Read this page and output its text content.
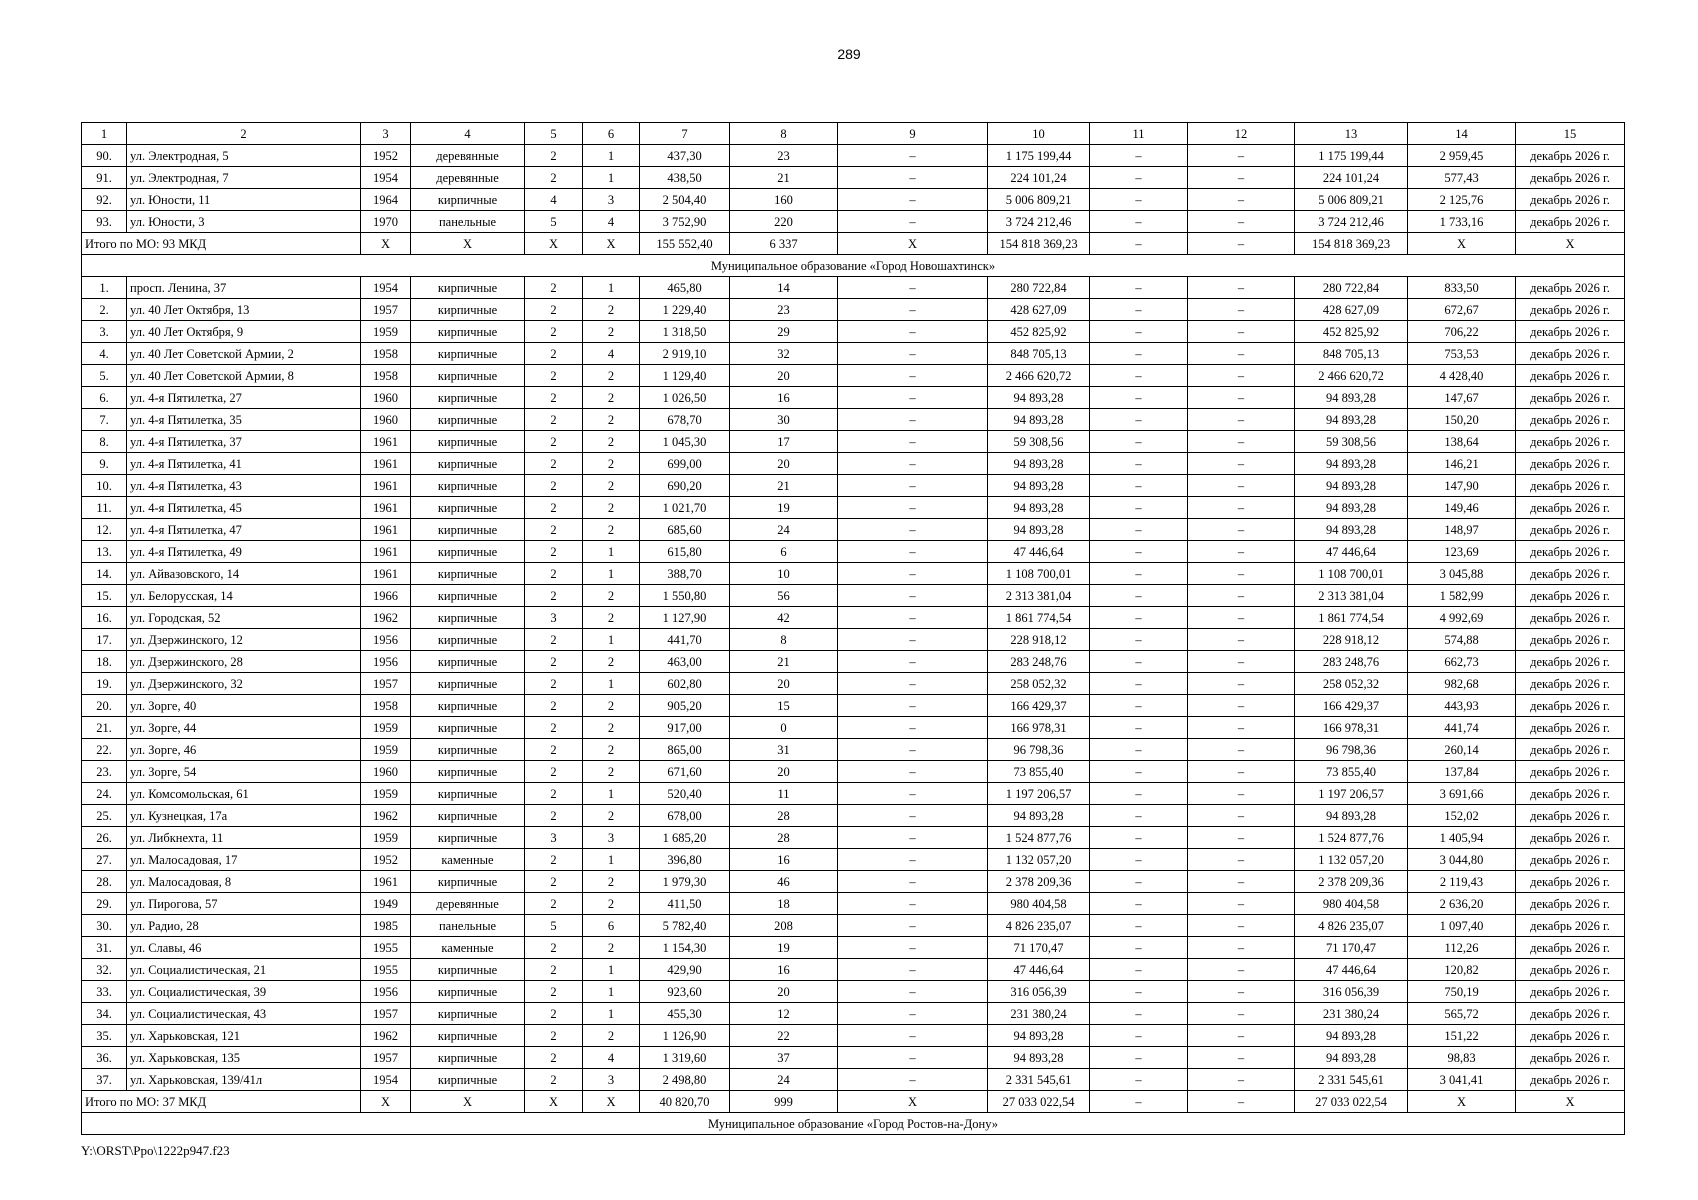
289
1	2	3	4	5	6	7	8	9	10	11	12	13	14	15
90.	ул. Электродная, 5	1952	деревянные	2	1	437,30	23	–	1 175 199,44	–	–	1 175 199,44	2 959,45	декабрь 2026 г.
91.	ул. Электродная, 7	1954	деревянные	2	1	438,50	21	–	224 101,24	–	–	224 101,24	577,43	декабрь 2026 г.
92.	ул. Юности, 11	1964	кирпичные	4	3	2 504,40	160	–	5 006 809,21	–	–	5 006 809,21	2 125,76	декабрь 2026 г.
93.	ул. Юности, 3	1970	панельные	5	4	3 752,90	220	–	3 724 212,46	–	–	3 724 212,46	1 733,16	декабрь 2026 г.
Итого по МО: 93 МКД		X	X	X	X	155 552,40	6 337	X	154 818 369,23	–	–	154 818 369,23	X	X
Муниципальное образование «Город Новошахтинск»														
1.	просп. Ленина, 37	1954	кирпичные	2	1	465,80	14	–	280 722,84	–	–	280 722,84	833,50	декабрь 2026 г.
2.	ул. 40 Лет Октября, 13	1957	кирпичные	2	2	1 229,40	23	–	428 627,09	–	–	428 627,09	672,67	декабрь 2026 г.
3.	ул. 40 Лет Октября, 9	1959	кирпичные	2	2	1 318,50	29	–	452 825,92	–	–	452 825,92	706,22	декабрь 2026 г.
4.	ул. 40 Лет Советской Армии, 2	1958	кирпичные	2	4	2 919,10	32	–	848 705,13	–	–	848 705,13	753,53	декабрь 2026 г.
5.	ул. 40 Лет Советской Армии, 8	1958	кирпичные	2	2	1 129,40	20	–	2 466 620,72	–	–	2 466 620,72	4 428,40	декабрь 2026 г.
6.	ул. 4-я Пятилетка, 27	1960	кирпичные	2	2	1 026,50	16	–	94 893,28	–	–	94 893,28	147,67	декабрь 2026 г.
7.	ул. 4-я Пятилетка, 35	1960	кирпичные	2	2	678,70	30	–	94 893,28	–	–	94 893,28	150,20	декабрь 2026 г.
8.	ул. 4-я Пятилетка, 37	1961	кирпичные	2	2	1 045,30	17	–	59 308,56	–	–	59 308,56	138,64	декабрь 2026 г.
9.	ул. 4-я Пятилетка, 41	1961	кирпичные	2	2	699,00	20	–	94 893,28	–	–	94 893,28	146,21	декабрь 2026 г.
10.	ул. 4-я Пятилетка, 43	1961	кирпичные	2	2	690,20	21	–	94 893,28	–	–	94 893,28	147,90	декабрь 2026 г.
11.	ул. 4-я Пятилетка, 45	1961	кирпичные	2	2	1 021,70	19	–	94 893,28	–	–	94 893,28	149,46	декабрь 2026 г.
12.	ул. 4-я Пятилетка, 47	1961	кирпичные	2	2	685,60	24	–	94 893,28	–	–	94 893,28	148,97	декабрь 2026 г.
13.	ул. 4-я Пятилетка, 49	1961	кирпичные	2	1	615,80	6	–	47 446,64	–	–	47 446,64	123,69	декабрь 2026 г.
14.	ул. Айвазовского, 14	1961	кирпичные	2	1	388,70	10	–	1 108 700,01	–	–	1 108 700,01	3 045,88	декабрь 2026 г.
15.	ул. Белорусская, 14	1966	кирпичные	2	2	1 550,80	56	–	2 313 381,04	–	–	2 313 381,04	1 582,99	декабрь 2026 г.
16.	ул. Городская, 52	1962	кирпичные	3	2	1 127,90	42	–	1 861 774,54	–	–	1 861 774,54	4 992,69	декабрь 2026 г.
17.	ул. Дзержинского, 12	1956	кирпичные	2	1	441,70	8	–	228 918,12	–	–	228 918,12	574,88	декабрь 2026 г.
18.	ул. Дзержинского, 28	1956	кирпичные	2	2	463,00	21	–	283 248,76	–	–	283 248,76	662,73	декабрь 2026 г.
19.	ул. Дзержинского, 32	1957	кирпичные	2	1	602,80	20	–	258 052,32	–	–	258 052,32	982,68	декабрь 2026 г.
20.	ул. Зорге, 40	1958	кирпичные	2	2	905,20	15	–	166 429,37	–	–	166 429,37	443,93	декабрь 2026 г.
21.	ул. Зорге, 44	1959	кирпичные	2	2	917,00	0	–	166 978,31	–	–	166 978,31	441,74	декабрь 2026 г.
22.	ул. Зорге, 46	1959	кирпичные	2	2	865,00	31	–	96 798,36	–	–	96 798,36	260,14	декабрь 2026 г.
23.	ул. Зорге, 54	1960	кирпичные	2	2	671,60	20	–	73 855,40	–	–	73 855,40	137,84	декабрь 2026 г.
24.	ул. Комсомольская, 61	1959	кирпичные	2	1	520,40	11	–	1 197 206,57	–	–	1 197 206,57	3 691,66	декабрь 2026 г.
25.	ул. Кузнецкая, 17а	1962	кирпичные	2	2	678,00	28	–	94 893,28	–	–	94 893,28	152,02	декабрь 2026 г.
26.	ул. Либкнехта, 11	1959	кирпичные	3	3	1 685,20	28	–	1 524 877,76	–	–	1 524 877,76	1 405,94	декабрь 2026 г.
27.	ул. Малосадовая, 17	1952	каменные	2	1	396,80	16	–	1 132 057,20	–	–	1 132 057,20	3 044,80	декабрь 2026 г.
28.	ул. Малосадовая, 8	1961	кирпичные	2	2	1 979,30	46	–	2 378 209,36	–	–	2 378 209,36	2 119,43	декабрь 2026 г.
29.	ул. Пирогова, 57	1949	деревянные	2	2	411,50	18	–	980 404,58	–	–	980 404,58	2 636,20	декабрь 2026 г.
30.	ул. Радио, 28	1985	панельные	5	6	5 782,40	208	–	4 826 235,07	–	–	4 826 235,07	1 097,40	декабрь 2026 г.
31.	ул. Славы, 46	1955	каменные	2	2	1 154,30	19	–	71 170,47	–	–	71 170,47	112,26	декабрь 2026 г.
32.	ул. Социалистическая, 21	1955	кирпичные	2	1	429,90	16	–	47 446,64	–	–	47 446,64	120,82	декабрь 2026 г.
33.	ул. Социалистическая, 39	1956	кирпичные	2	1	923,60	20	–	316 056,39	–	–	316 056,39	750,19	декабрь 2026 г.
34.	ул. Социалистическая, 43	1957	кирпичные	2	1	455,30	12	–	231 380,24	–	–	231 380,24	565,72	декабрь 2026 г.
35.	ул. Харьковская, 121	1962	кирпичные	2	2	1 126,90	22	–	94 893,28	–	–	94 893,28	151,22	декабрь 2026 г.
36.	ул. Харьковская, 135	1957	кирпичные	2	4	1 319,60	37	–	94 893,28	–	–	94 893,28	98,83	декабрь 2026 г.
37.	ул. Харьковская, 139/41л	1954	кирпичные	2	3	2 498,80	24	–	2 331 545,61	–	–	2 331 545,61	3 041,41	декабрь 2026 г.
Итого по МО: 37 МКД		X	X	X	X	40 820,70	999	X	27 033 022,54	–	–	27 033 022,54	X	X
Муниципальное образование «Город Ростов-на-Дону»														
Y:\ORST\Ppo\1222p947.f23
